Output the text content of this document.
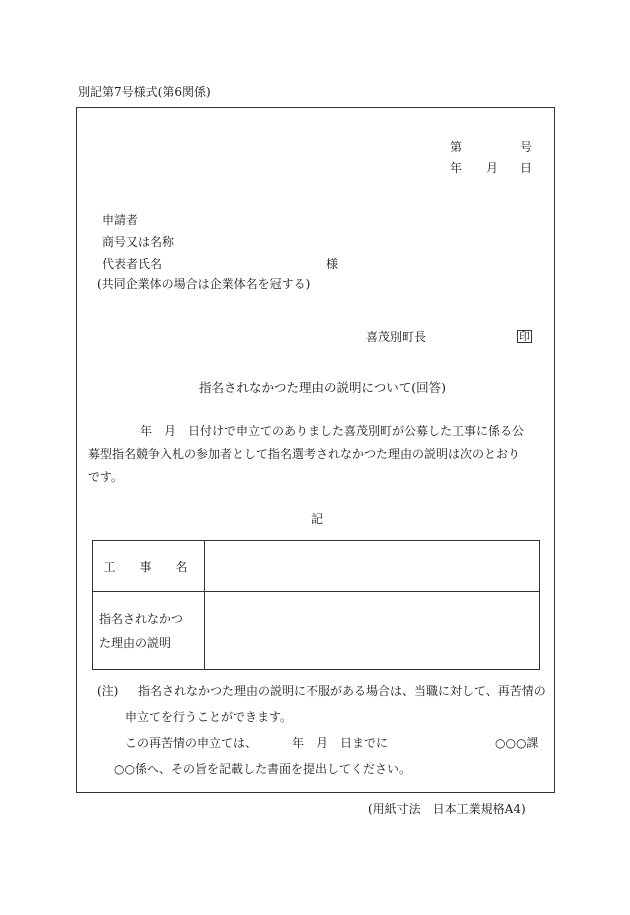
別記第7号様式(第6関係)
第	号
年 月 日
申請者
商号又は名称
代表者氏名	様
(共同企業体の場合は企業体名を冠する)
喜茂別町長	印
指名されなかつた理由の説明について(回答)
年　月　日付けで申立てのありました喜茂別町が公募した工事に係る公
募型指名競争入札の参加者として指名選考されなかつた理由の説明は次のとおり
です。
記
工　事　名	

指名されなかつ
た理由の説明	

(注) 指名されなかつた理由の説明に不服がある場合は、当職に対して、再苦情の
申立てを行うことができます。
この再苦情の申立ては、	年　月　日までに	○○○課
○○係へ、その旨を記載した書面を提出してください。
(用紙寸法　日本工業規格A4)
